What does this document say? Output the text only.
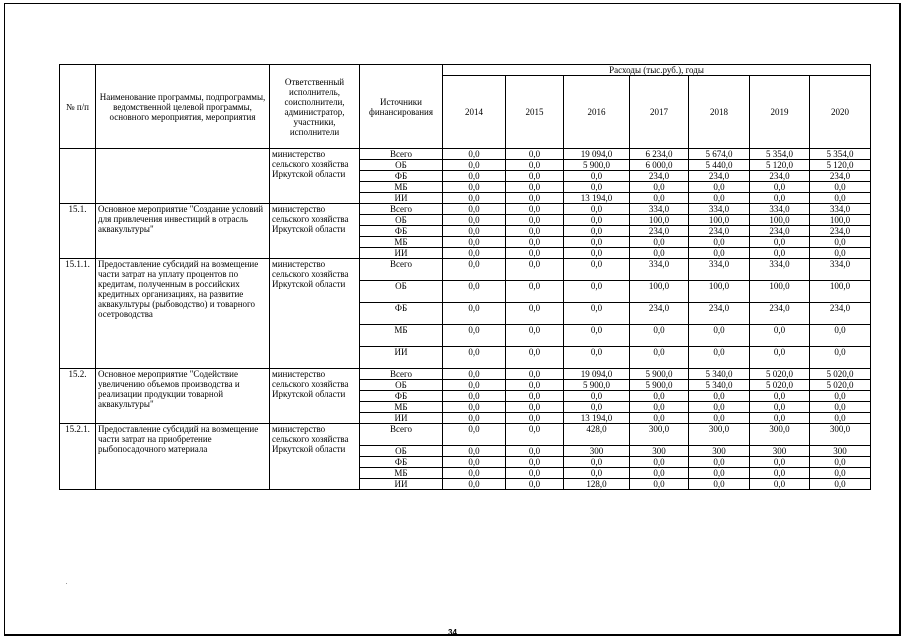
№ п/п	Наименование программы, подпрограммы, ведомственной целевой программы, основного мероприятия, мероприятия	Ответственный исполнитель, соисполнители, администратор, участники, исполнители	Источники финансирования	Расходы (тыс.руб.), годы						
				2014	2015	2016	2017	2018	2019	2020
		министерство сельского хозяйства Иркутской области	Всего	0,0	0,0	19 094,0	6 234,0	5 674,0	5 354,0	5 354,0
			ОБ	0,0	0,0	5 900,0	6 000,0	5 440,0	5 120,0	5 120,0
			ФБ	0,0	0,0	0,0	234,0	234,0	234,0	234,0
			МБ	0,0	0,0	0,0	0,0	0,0	0,0	0,0
			ИИ	0,0	0,0	13 194,0	0,0	0,0	0,0	0,0
15.1.	Основное мероприятие "Создание условий для привлечения инвестиций в отрасль аквакультуры"	министерство сельского хозяйства Иркутской области	Всего	0,0	0,0	0,0	334,0	334,0	334,0	334,0
			ОБ	0,0	0,0	0,0	100,0	100,0	100,0	100,0
			ФБ	0,0	0,0	0,0	234,0	234,0	234,0	234,0
			МБ	0,0	0,0	0,0	0,0	0,0	0,0	0,0
			ИИ	0,0	0,0	0,0	0,0	0,0	0,0	0,0
15.1.1.	Предоставление субсидий на возмещение части затрат на уплату процентов по кредитам, полученным в российских кредитных организациях, на развитие аквакультуры (рыбоводство) и товарного осетроводства	министерство сельского хозяйства Иркутской области	Всего	0,0	0,0	0,0	334,0	334,0	334,0	334,0
			ОБ	0,0	0,0	0,0	100,0	100,0	100,0	100,0
			ФБ	0,0	0,0	0,0	234,0	234,0	234,0	234,0
			МБ	0,0	0,0	0,0	0,0	0,0	0,0	0,0
			ИИ	0,0	0,0	0,0	0,0	0,0	0,0	0,0
15.2.	Основное мероприятие "Содействие увеличению объемов производства и реализации продукции товарной аквакультуры"	министерство сельского хозяйства Иркутской области	Всего	0,0	0,0	19 094,0	5 900,0	5 340,0	5 020,0	5 020,0
			ОБ	0,0	0,0	5 900,0	5 900,0	5 340,0	5 020,0	5 020,0
			ФБ	0,0	0,0	0,0	0,0	0,0	0,0	0,0
			МБ	0,0	0,0	0,0	0,0	0,0	0,0	0,0
			ИИ	0,0	0,0	13 194,0	0,0	0,0	0,0	0,0
15.2.1.	Предоставление субсидий на возмещение части затрат на приобретение рыбопосадочного материала	министерство сельского хозяйства Иркутской области	Всего	0,0	0,0	428,0	300,0	300,0	300,0	300,0
			ОБ	0,0	0,0	300	300	300	300	300
			ФБ	0,0	0,0	0,0	0,0	0,0	0,0	0,0
			МБ	0,0	0,0	0,0	0,0	0,0	0,0	0,0
			ИИ	0,0	0,0	128,0	0,0	0,0	0,0	0,0
34
